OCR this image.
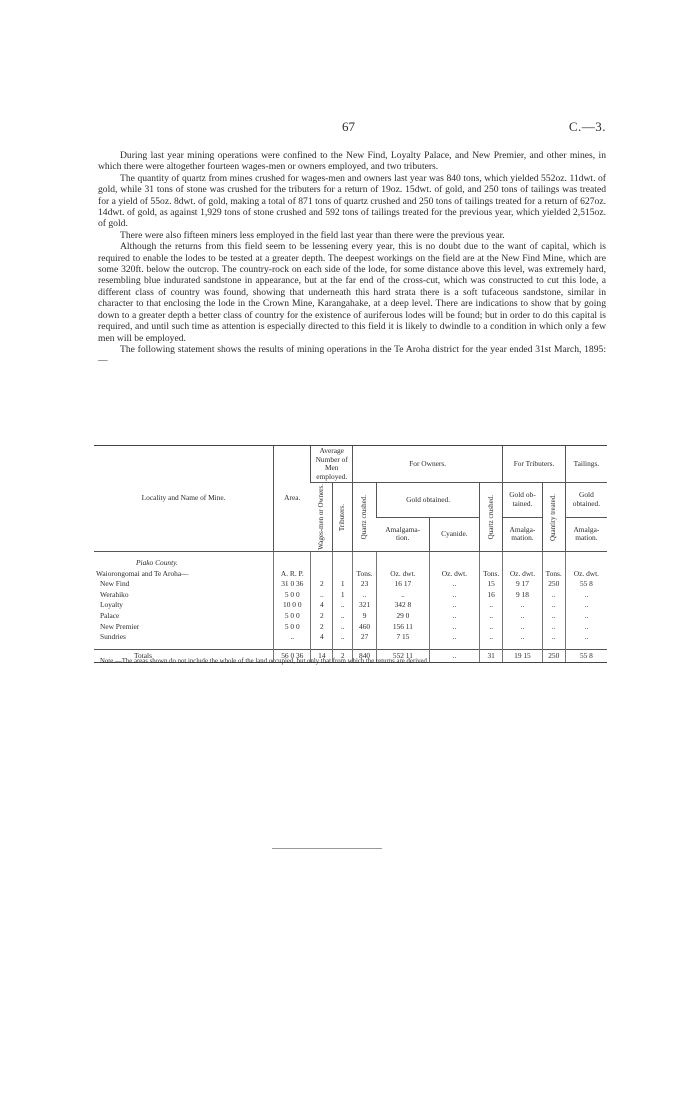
67	C.—3.

During last year mining operations were confined to the New Find, Loyalty Palace, and New Premier, and other mines, in which there were altogether fourteen wages-men or owners employed, and two tributers.

The quantity of quartz from mines crushed for wages-men and owners last year was 840 tons, which yielded 552oz. 11dwt. of gold, while 31 tons of stone was crushed for the tributers for a return of 19oz. 15dwt. of gold, and 250 tons of tailings was treated for a yield of 55oz. 8dwt. of gold, making a total of 871 tons of quartz crushed and 250 tons of tailings treated for a return of 627oz. 14dwt. of gold, as against 1,929 tons of stone crushed and 592 tons of tailings treated for the previous year, which yielded 2,515oz. of gold.

There were also fifteen miners less employed in the field last year than there were the previous year.

Although the returns from this field seem to be lessening every year, this is no doubt due to the want of capital, which is required to enable the lodes to be tested at a greater depth. The deepest workings on the field are at the New Find Mine, which are some 320ft. below the outcrop. The country-rock on each side of the lode, for some distance above this level, was extremely hard, resembling blue indurated sandstone in appearance, but at the far end of the cross-cut, which was constructed to cut this lode, a different class of country was found, showing that underneath this hard strata there is a soft tufaceous sandstone, similar in character to that enclosing the lode in the Crown Mine, Karangahake, at a deep level. There are indications to show that by going down to a greater depth a better class of country for the existence of auriferous lodes will be found; but in order to do this capital is required, and until such time as attention is especially directed to this field it is likely to dwindle to a condition in which only a few men will be employed.

The following statement shows the results of mining operations in the Te Aroha district for the year ended 31st March, 1895:—

Locality and Name of Mine.	Area.	Average Number of Men employed.		For Owners.				For Tributers.		Tailings.

		Wages-men or Owners.	Tributers.	Quartz crushed.	Gold obtained.		Quartz crushed.	Gold ob-tained.	Quantity treated.	Gold obtained.
					Amalgama-tion.	Cyanide.		Amalga-mation.		Amalga-mation.

Piako County.										
Waiorongomai and Te Aroha—	A. R. P.			Tons.	Oz. dwt.	Oz. dwt.	Tons.	Oz. dwt.	Tons.	Oz. dwt.
New Find	31 0 36	2	1	23	16 17	..	15	9 17	250	55 8
Werahiko	5 0 0	..	1	..	..	..	16	9 18	..	..
Loyalty	10 0 0	4	..	321	342 8	..	..	..	..	..
Palace	5 0 0	2	..	9	29 0	..	..	..	..	..
New Premier	5 0 0	2	..	460	156 11	..	..	..	..	..
Sundries	..	4	..	27	7 15	..	..	..	..	..

Totals	56 0 36	14	2	840	552 11	..	31	19 15	250	55 8
Note.—The areas shown do not include the whole of the land occupied, but only that from which the returns are derived.
